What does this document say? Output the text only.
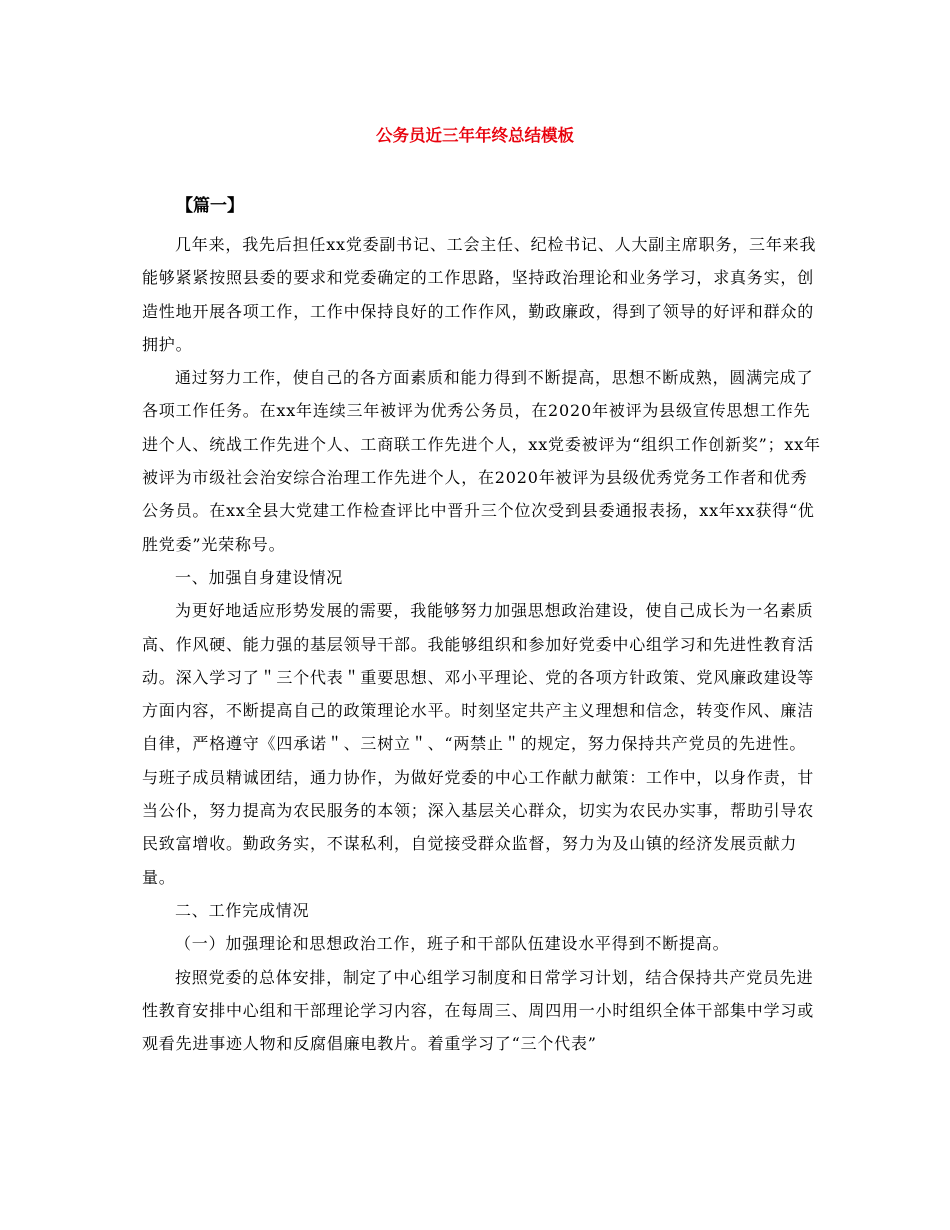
公务员近三年年终总结模板
【篇一】

几年来，我先后担任xx党委副书记、工会主任、纪检书记、人大副主席职务，三年来我能够紧紧按照县委的要求和党委确定的工作思路，坚持政治理论和业务学习，求真务实，创造性地开展各项工作，工作中保持良好的工作作风，勤政廉政，得到了领导的好评和群众的拥护。

通过努力工作，使自己的各方面素质和能力得到不断提高，思想不断成熟，圆满完成了各项工作任务。在xx年连续三年被评为优秀公务员，在2020年被评为县级宣传思想工作先进个人、统战工作先进个人、工商联工作先进个人，xx党委被评为“组织工作创新奖”；xx年被评为市级社会治安综合治理工作先进个人，在2020年被评为县级优秀党务工作者和优秀公务员。在xx全县大党建工作检查评比中晋升三个位次受到县委通报表扬，xx年xx获得“优胜党委”光荣称号。

一、加强自身建设情况

为更好地适应形势发展的需要，我能够努力加强思想政治建设，使自己成长为一名素质高、作风硬、能力强的基层领导干部。我能够组织和参加好党委中心组学习和先进性教育活动。深入学习了＂三个代表＂重要思想、邓小平理论、党的各项方针政策、党风廉政建设等方面内容，不断提高自己的政策理论水平。时刻坚定共产主义理想和信念，转变作风、廉洁自律，严格遵守《四承诺＂、三树立＂、“两禁止＂的规定，努力保持共产党员的先进性。与班子成员精诚团结，通力协作，为做好党委的中心工作献力献策：工作中，以身作责，甘当公仆，努力提高为农民服务的本领；深入基层关心群众，切实为农民办实事，帮助引导农民致富增收。勤政务实，不谋私利，自觉接受群众监督，努力为及山镇的经济发展贡献力量。

二、工作完成情况

（一）加强理论和思想政治工作，班子和干部队伍建设水平得到不断提高。

按照党委的总体安排，制定了中心组学习制度和日常学习计划，结合保持共产党员先进性教育安排中心组和干部理论学习内容，在每周三、周四用一小时组织全体干部集中学习或观看先进事迹人物和反腐倡廉电教片。着重学习了“三个代表”
